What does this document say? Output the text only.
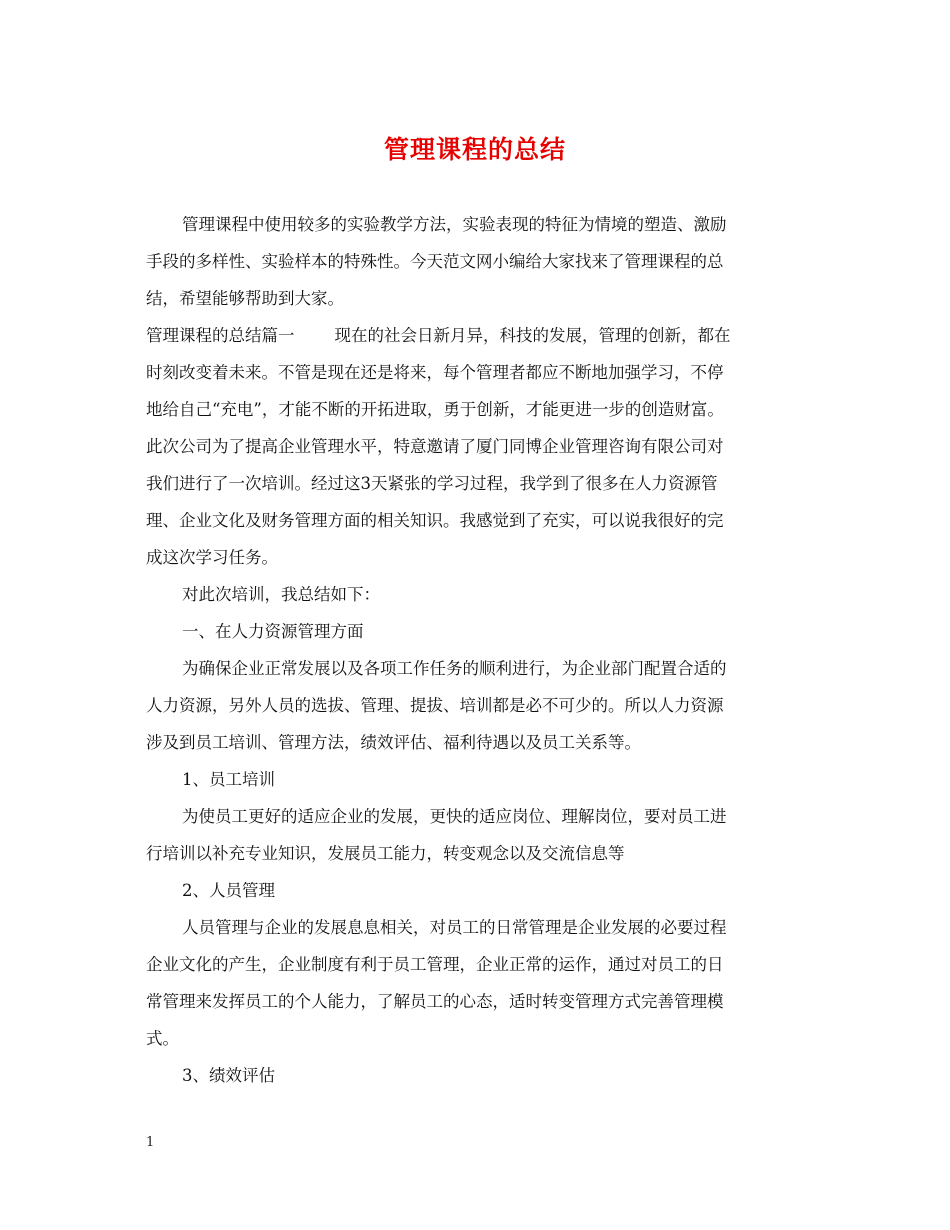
管理课程的总结
管理课程中使用较多的实验教学方法，实验表现的特征为情境的塑造、激励
手段的多样性、实验样本的特殊性。今天范文网小编给大家找来了管理课程的总
结，希望能够帮助到大家。
管理课程的总结篇一 现在的社会日新月异，科技的发展，管理的创新，都在
时刻改变着未来。不管是现在还是将来，每个管理者都应不断地加强学习，不停
地给自己“充电”，才能不断的开拓进取，勇于创新，才能更进一步的创造财富。
此次公司为了提高企业管理水平，特意邀请了厦门同博企业管理咨询有限公司对
我们进行了一次培训。经过这3天紧张的学习过程，我学到了很多在人力资源管
理、企业文化及财务管理方面的相关知识。我感觉到了充实，可以说我很好的完
成这次学习任务。
对此次培训，我总结如下：
一、在人力资源管理方面
为确保企业正常发展以及各项工作任务的顺利进行，为企业部门配置合适的
人力资源，另外人员的选拔、管理、提拔、培训都是必不可少的。所以人力资源
涉及到员工培训、管理方法，绩效评估、福利待遇以及员工关系等。
1、员工培训
为使员工更好的适应企业的发展，更快的适应岗位、理解岗位，要对员工进
行培训以补充专业知识，发展员工能力，转变观念以及交流信息等
2、人员管理
人员管理与企业的发展息息相关，对员工的日常管理是企业发展的必要过程
企业文化的产生，企业制度有利于员工管理，企业正常的运作，通过对员工的日
常管理来发挥员工的个人能力，了解员工的心态，适时转变管理方式完善管理模
式。
3、绩效评估
1
